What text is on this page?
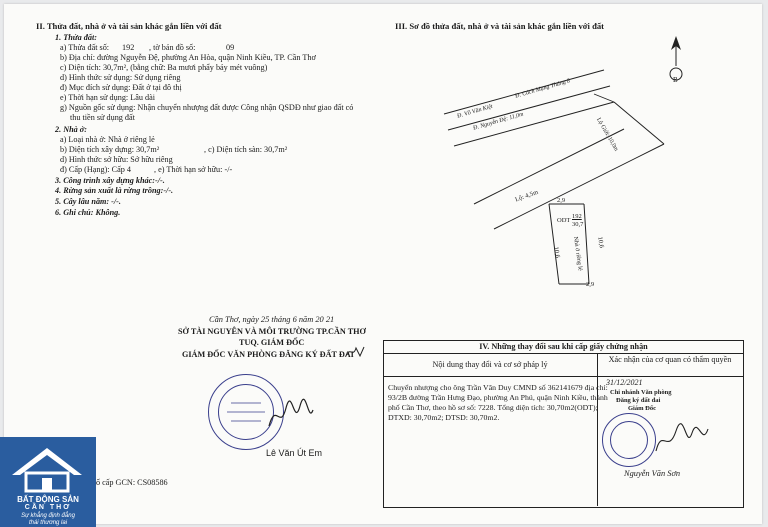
II. Thửa đất, nhà ở và tài sản khác gắn liền với đất
1. Thửa đất:
a) Thửa đất số: 192 , tờ bản đồ số:	09
b) Địa chỉ: đường Nguyễn Đệ, phường An Hòa, quận Ninh Kiều, TP. Cần Thơ
c) Diện tích: 30,7m², (bằng chữ: Ba mươi phẩy bảy mét vuông)
d) Hình thức sử dụng: Sử dụng riêng
đ) Mục đích sử dụng: Đất ở tại đô thị
e) Thời hạn sử dụng: Lâu dài
g) Nguồn gốc sử dụng: Nhận chuyển nhượng đất được Công nhận QSDĐ như giao đất có
thu tiền sử dụng đất
2. Nhà ở:
a) Loại nhà ở: Nhà ở riêng lẻ
b) Diện tích xây dựng: 30,7m²	, c) Diện tích sàn: 30,7m²
d) Hình thức sở hữu: Sở hữu riêng
đ) Cấp (Hạng): Cấp 4	, e) Thời hạn sở hữu: -/-
3. Công trình xây dựng khác:-/-.
4. Rừng sản xuất là rừng trồng:-/-.
5. Cây lâu năm: -/-.
6. Ghi chú: Không.
Cần Thơ, ngày 25 tháng 6 năm 20 21
SỞ TÀI NGUYÊN VÀ MÔI TRƯỜNG TP.CẦN THƠ
TUQ. GIÁM ĐỐC
GIÁM ĐỐC VĂN PHÒNG ĐĂNG KÝ ĐẤT ĐAI
Lê Văn Út Em
ố cấp GCN: CS08586
III. Sơ đồ thửa đất, nhà ở và tài sản khác gắn liền với đất
Đ. Võ Văn Kiệt
Đ. Cách Mạng Tháng 8
Đ. Nguyễn Đệ: 11,0m	Lộ Giới: 10,0m
Lộ: 4,5m	2,9
10,6
10,6
2,9
ODT
192
30,7
Nhà ở riêng lẻ
B
IV. Những thay đổi sau khi cấp giấy chứng nhận
Nội dung thay đổi và cơ sở pháp lý
Xác nhận của cơ quan có thẩm quyền
Chuyển nhượng cho ông Trần Văn Duy CMND số 362141679 địa chỉ:
93/2B đường Trần Hưng Đạo, phường An Phú, quận Ninh Kiều, thành
phố Cần Thơ, theo hồ sơ số: 7228. Tổng diện tích: 30,70m2(ODT);
DTXD: 30,70m2; DTSD: 30,70m2.
31/12/2021
Chi nhánh Văn phòng
Đăng ký đất đai
Giám Đốc
Nguyễn Văn Sơn
BẤT ĐỘNG SẢN
CẦN THƠ
Sự khẳng định đẳng
thái thương lai
